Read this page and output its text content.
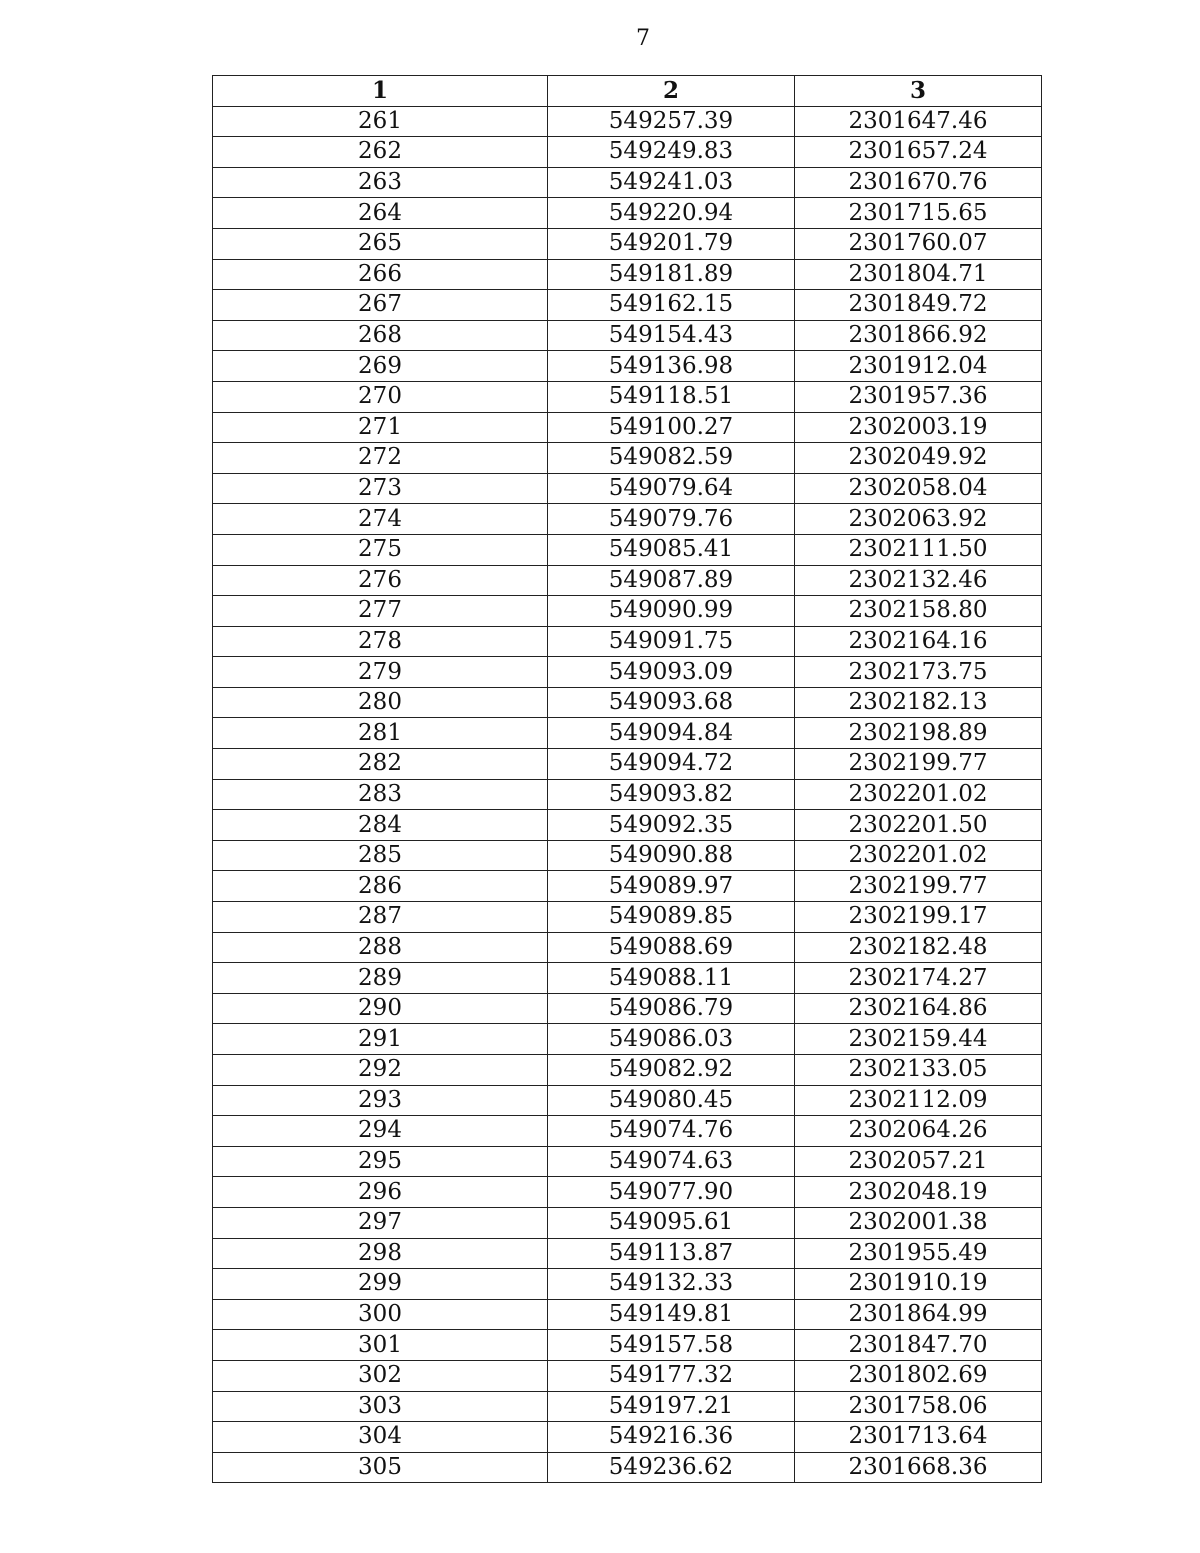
7
1	2	3
261	549257.39	2301647.46
262	549249.83	2301657.24
263	549241.03	2301670.76
264	549220.94	2301715.65
265	549201.79	2301760.07
266	549181.89	2301804.71
267	549162.15	2301849.72
268	549154.43	2301866.92
269	549136.98	2301912.04
270	549118.51	2301957.36
271	549100.27	2302003.19
272	549082.59	2302049.92
273	549079.64	2302058.04
274	549079.76	2302063.92
275	549085.41	2302111.50
276	549087.89	2302132.46
277	549090.99	2302158.80
278	549091.75	2302164.16
279	549093.09	2302173.75
280	549093.68	2302182.13
281	549094.84	2302198.89
282	549094.72	2302199.77
283	549093.82	2302201.02
284	549092.35	2302201.50
285	549090.88	2302201.02
286	549089.97	2302199.77
287	549089.85	2302199.17
288	549088.69	2302182.48
289	549088.11	2302174.27
290	549086.79	2302164.86
291	549086.03	2302159.44
292	549082.92	2302133.05
293	549080.45	2302112.09
294	549074.76	2302064.26
295	549074.63	2302057.21
296	549077.90	2302048.19
297	549095.61	2302001.38
298	549113.87	2301955.49
299	549132.33	2301910.19
300	549149.81	2301864.99
301	549157.58	2301847.70
302	549177.32	2301802.69
303	549197.21	2301758.06
304	549216.36	2301713.64
305	549236.62	2301668.36
